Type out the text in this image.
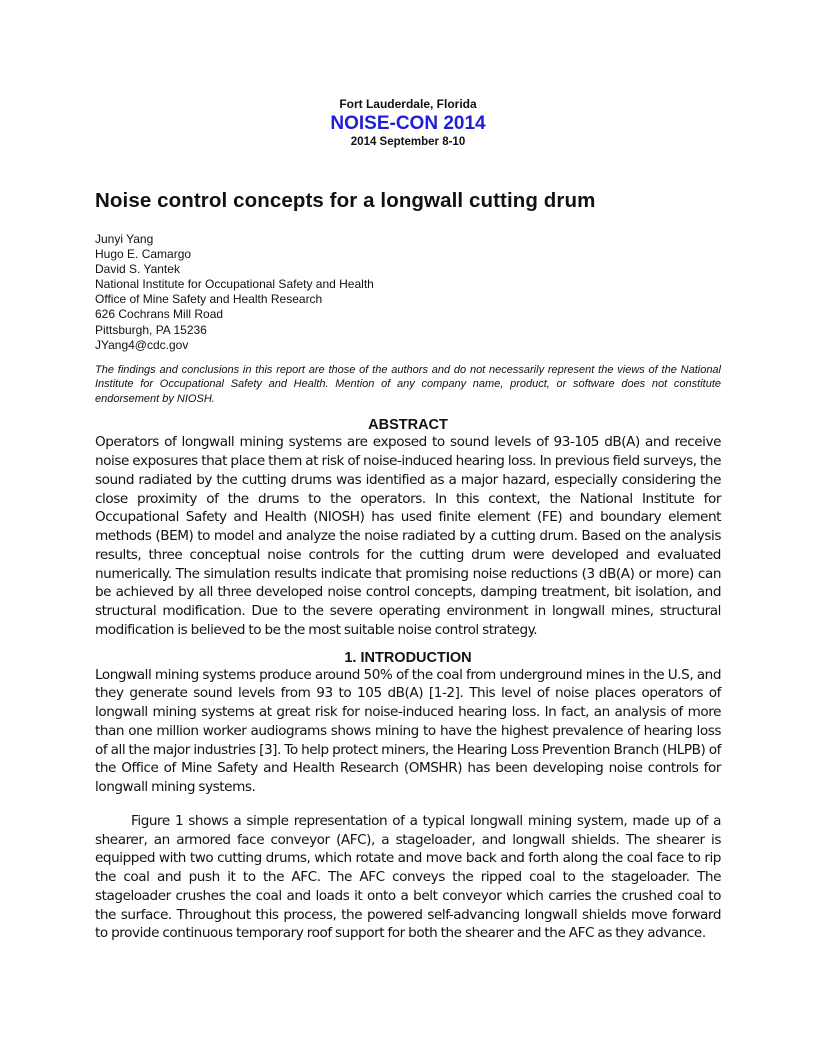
Fort Lauderdale, Florida
NOISE-CON 2014
2014 September 8-10
Noise control concepts for a longwall cutting drum
Junyi Yang
Hugo E. Camargo
David S. Yantek
National Institute for Occupational Safety and Health
Office of Mine Safety and Health Research
626 Cochrans Mill Road
Pittsburgh, PA 15236
JYang4@cdc.gov

The findings and conclusions in this report are those of the authors and do not necessarily represent the views of the National Institute for Occupational Safety and Health. Mention of any company name, product, or software does not constitute endorsement by NIOSH.

ABSTRACT

Operators of longwall mining systems are exposed to sound levels of 93-105 dB(A) and receive noise exposures that place them at risk of noise-induced hearing loss. In previous field surveys, the sound radiated by the cutting drums was identified as a major hazard, especially considering the close proximity of the drums to the operators. In this context, the National Institute for Occupational Safety and Health (NIOSH) has used finite element (FE) and boundary element methods (BEM) to model and analyze the noise radiated by a cutting drum. Based on the analysis results, three conceptual noise controls for the cutting drum were developed and evaluated numerically. The simulation results indicate that promising noise reductions (3 dB(A) or more) can be achieved by all three developed noise control concepts, damping treatment, bit isolation, and structural modification. Due to the severe operating environment in longwall mines, structural modification is believed to be the most suitable noise control strategy.

1. INTRODUCTION

Longwall mining systems produce around 50% of the coal from underground mines in the U.S, and they generate sound levels from 93 to 105 dB(A) [1-2]. This level of noise places operators of longwall mining systems at great risk for noise-induced hearing loss. In fact, an analysis of more than one million worker audiograms shows mining to have the highest prevalence of hearing loss of all the major industries [3]. To help protect miners, the Hearing Loss Prevention Branch (HLPB) of the Office of Mine Safety and Health Research (OMSHR) has been developing noise controls for longwall mining systems.

Figure 1 shows a simple representation of a typical longwall mining system, made up of a shearer, an armored face conveyor (AFC), a stageloader, and longwall shields. The shearer is equipped with two cutting drums, which rotate and move back and forth along the coal face to rip the coal and push it to the AFC. The AFC conveys the ripped coal to the stageloader. The stageloader crushes the coal and loads it onto a belt conveyor which carries the crushed coal to the surface. Throughout this process, the powered self-advancing longwall shields move forward to provide continuous temporary roof support for both the shearer and the AFC as they advance.
